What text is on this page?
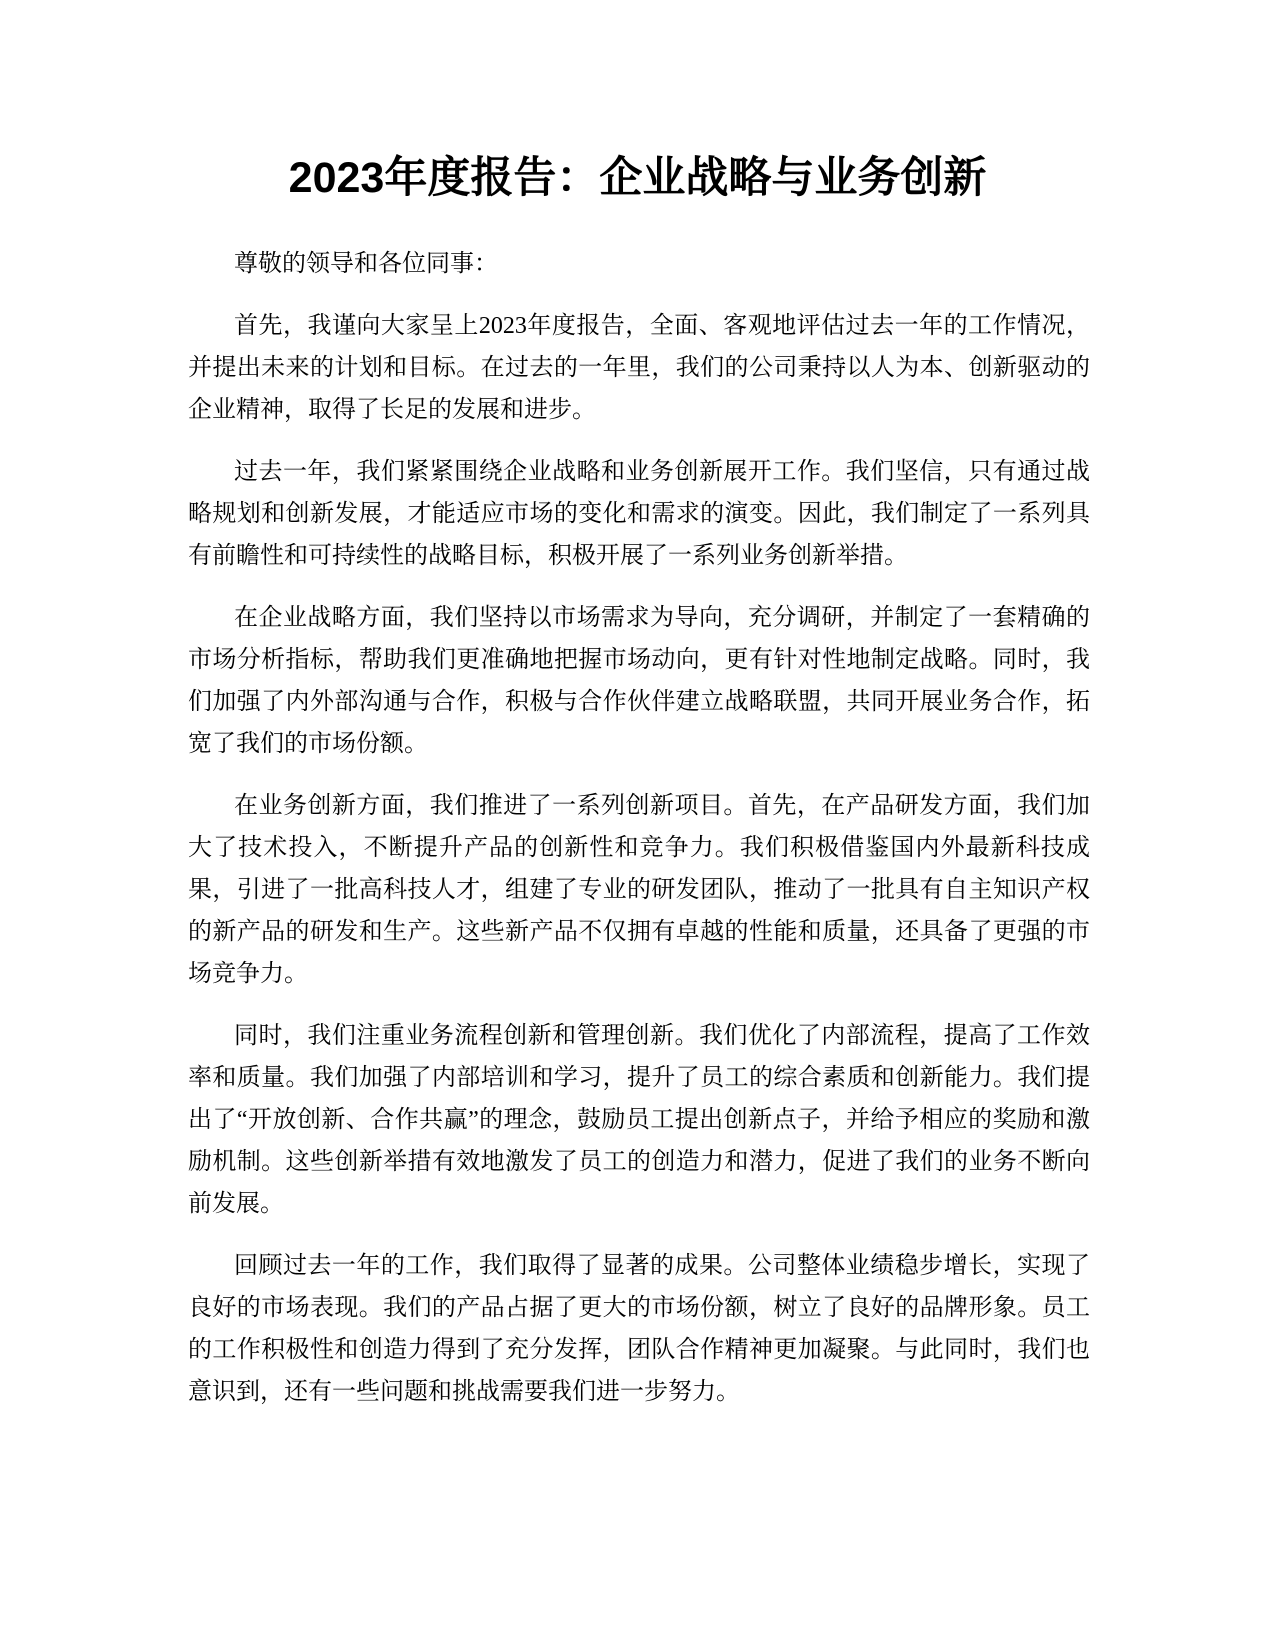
2023年度报告：企业战略与业务创新

尊敬的领导和各位同事：

首先，我谨向大家呈上2023年度报告，全面、客观地评估过去一年的工作情况，并提出未来的计划和目标。在过去的一年里，我们的公司秉持以人为本、创新驱动的企业精神，取得了长足的发展和进步。

过去一年，我们紧紧围绕企业战略和业务创新展开工作。我们坚信，只有通过战略规划和创新发展，才能适应市场的变化和需求的演变。因此，我们制定了一系列具有前瞻性和可持续性的战略目标，积极开展了一系列业务创新举措。

在企业战略方面，我们坚持以市场需求为导向，充分调研，并制定了一套精确的市场分析指标，帮助我们更准确地把握市场动向，更有针对性地制定战略。同时，我们加强了内外部沟通与合作，积极与合作伙伴建立战略联盟，共同开展业务合作，拓宽了我们的市场份额。

在业务创新方面，我们推进了一系列创新项目。首先，在产品研发方面，我们加大了技术投入，不断提升产品的创新性和竞争力。我们积极借鉴国内外最新科技成果，引进了一批高科技人才，组建了专业的研发团队，推动了一批具有自主知识产权的新产品的研发和生产。这些新产品不仅拥有卓越的性能和质量，还具备了更强的市场竞争力。

同时，我们注重业务流程创新和管理创新。我们优化了内部流程，提高了工作效率和质量。我们加强了内部培训和学习，提升了员工的综合素质和创新能力。我们提出了“开放创新、合作共赢”的理念，鼓励员工提出创新点子，并给予相应的奖励和激励机制。这些创新举措有效地激发了员工的创造力和潜力，促进了我们的业务不断向前发展。

回顾过去一年的工作，我们取得了显著的成果。公司整体业绩稳步增长，实现了良好的市场表现。我们的产品占据了更大的市场份额，树立了良好的品牌形象。员工的工作积极性和创造力得到了充分发挥，团队合作精神更加凝聚。与此同时，我们也意识到，还有一些问题和挑战需要我们进一步努力。
